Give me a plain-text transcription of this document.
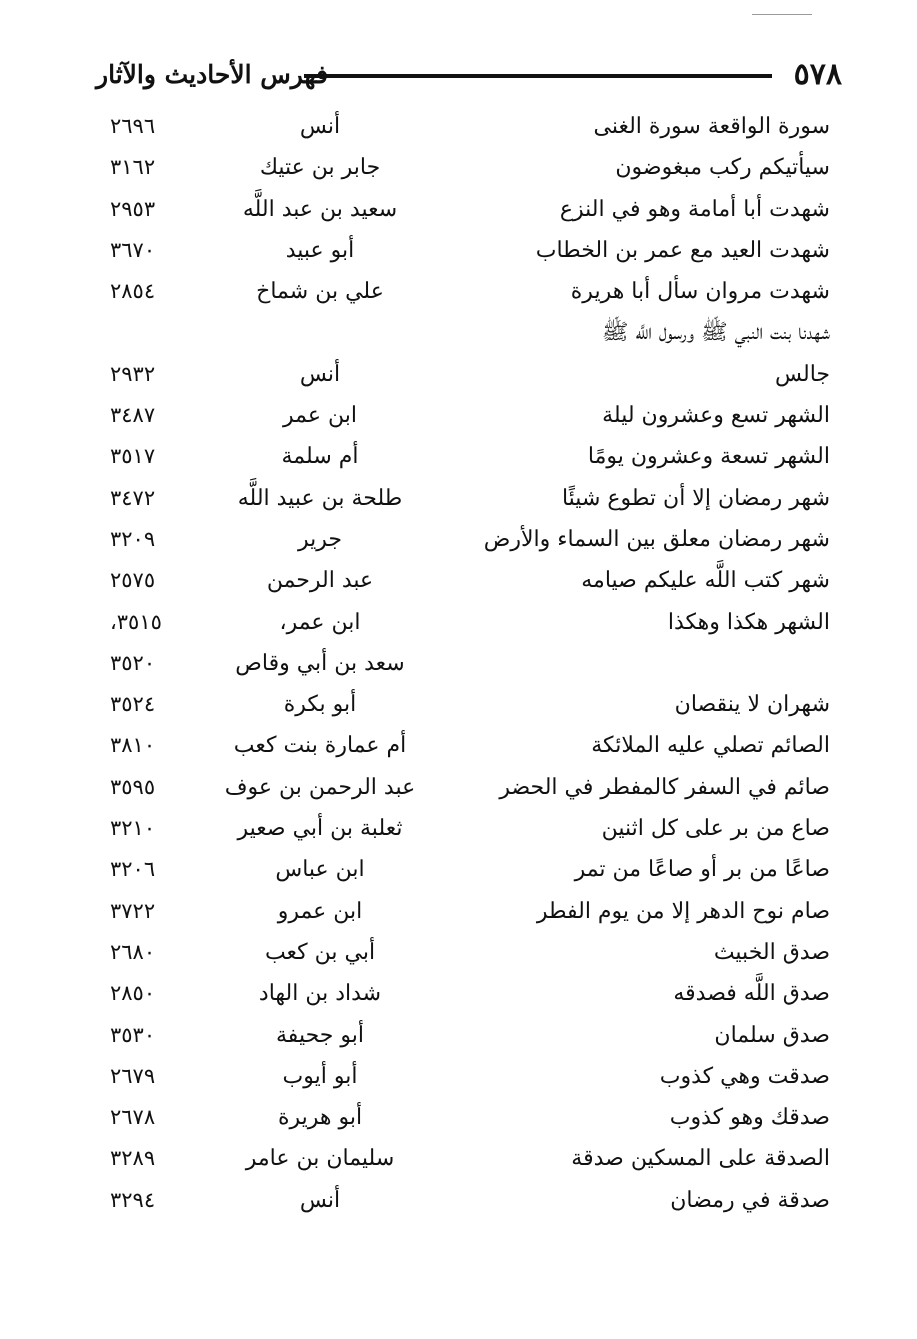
٥٧٨
فهرس الأحاديث والآثار
سورة الواقعة سورة الغنى
أنس
٢٦٩٦
سيأتيكم ركب مبغوضون
جابر بن عتيك
٣١٦٢
شهدت أبا أمامة وهو في النزع
سعيد بن عبد اللَّه
٢٩٥٣
شهدت العيد مع عمر بن الخطاب
أبو عبيد
٣٦٧٠
شهدت مروان سأل أبا هريرة
علي بن شماخ
٢٨٥٤
شهدنا بنت النبي ﷺ ورسول اللَّه ﷺ
جالس
أنس
٢٩٣٢
الشهر تسع وعشرون ليلة
ابن عمر
٣٤٨٧
الشهر تسعة وعشرون يومًا
أم سلمة
٣٥١٧
شهر رمضان إلا أن تطوع شيئًا
طلحة بن عبيد اللَّه
٣٤٧٢
شهر رمضان معلق بين السماء والأرض
جرير
٣٢٠٩
شهر كتب اللَّه عليكم صيامه
عبد الرحمن
٢٥٧٥
الشهر هكذا وهكذا
ابن عمر،
٣٥١٥،
سعد بن أبي وقاص
٣٥٢٠
شهران لا ينقصان
أبو بكرة
٣٥٢٤
الصائم تصلي عليه الملائكة
أم عمارة بنت كعب
٣٨١٠
صائم في السفر كالمفطر في الحضر
عبد الرحمن بن عوف
٣٥٩٥
صاع من بر على كل اثنين
ثعلبة بن أبي صعير
٣٢١٠
صاعًا من بر أو صاعًا من تمر
ابن عباس
٣٢٠٦
صام نوح الدهر إلا من يوم الفطر
ابن عمرو
٣٧٢٢
صدق الخبيث
أبي بن كعب
٢٦٨٠
صدق اللَّه فصدقه
شداد بن الهاد
٢٨٥٠
صدق سلمان
أبو جحيفة
٣٥٣٠
صدقت وهي كذوب
أبو أيوب
٢٦٧٩
صدقك وهو كذوب
أبو هريرة
٢٦٧٨
الصدقة على المسكين صدقة
سليمان بن عامر
٣٢٨٩
صدقة في رمضان
أنس
٣٢٩٤
